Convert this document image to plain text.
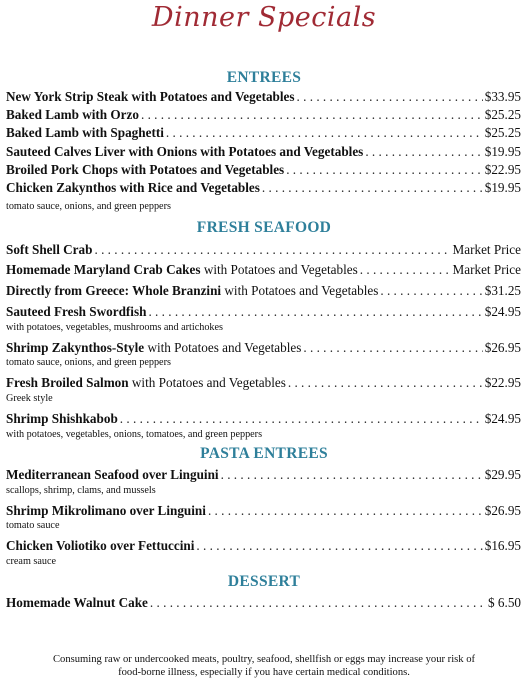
Dinner Specials
ENTREES
New York Strip Steak with Potatoes and Vegetables . . .	$33.95
Baked Lamb with Orzo . . .	$25.25
Baked Lamb with Spaghetti . . .	$25.25
Sauteed Calves Liver with Onions with Potatoes and Vegetables . . .	$19.95
Broiled Pork Chops with Potatoes and Vegetables . . .	$22.95
Chicken Zakynthos with Rice and Vegetables . . .	$19.95
tomato sauce, onions, and green peppers
FRESH SEAFOOD
Soft Shell Crab . . .	Market Price
Homemade Maryland Crab Cakes with Potatoes and Vegetables . . .	Market Price
Directly from Greece: Whole Branzini with Potatoes and Vegetables . . .	$31.25
Sauteed Fresh Swordfish . . .	$24.95
with potatoes, vegetables, mushrooms and artichokes
Shrimp Zakynthos-Style with Potatoes and Vegetables . . .	$26.95
tomato sauce, onions, and green peppers
Fresh Broiled Salmon with Potatoes and Vegetables . . .	$22.95
Greek style
Shrimp Shishkabob . . .	$24.95
with potatoes, vegetables, onions, tomatoes, and green peppers
PASTA ENTREES
Mediterranean Seafood over Linguini . . .	$29.95
scallops, shrimp, clams, and mussels
Shrimp Mikrolimano over Linguini . . .	$26.95
tomato sauce
Chicken Voliotiko over Fettuccini . . .	$16.95
cream sauce
DESSERT
Homemade Walnut Cake . . .	$ 6.50
Consuming raw or undercooked meats, poultry, seafood, shellfish or eggs may increase your risk of
food-borne illness, especially if you have certain medical conditions.
